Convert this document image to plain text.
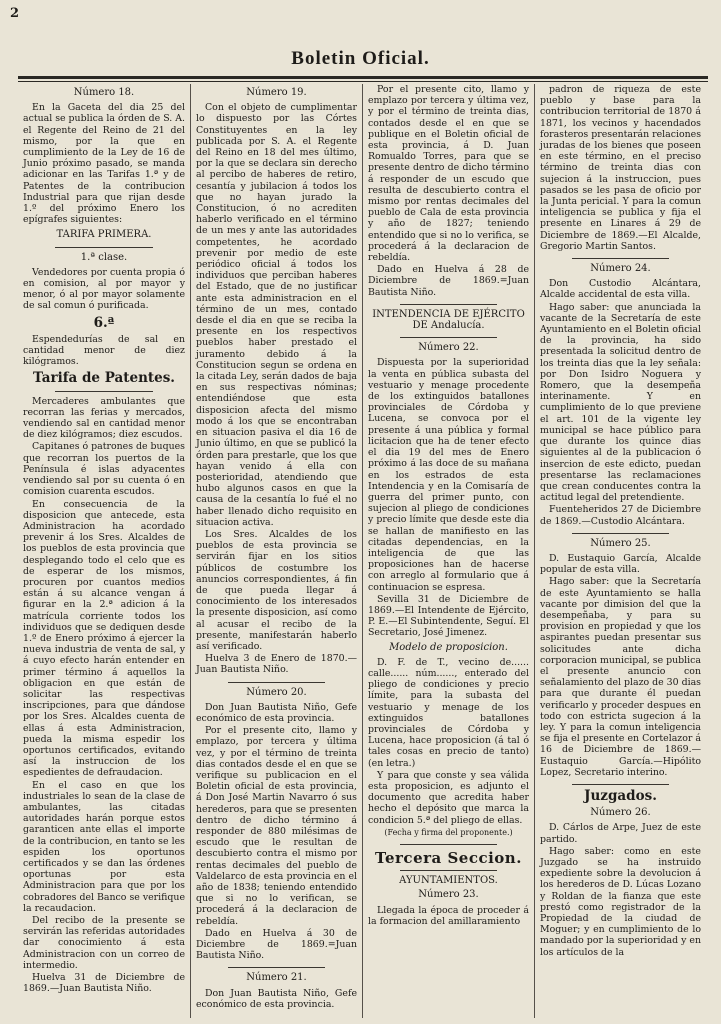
2
Boletin Oficial.
Número 18.

En la Gaceta del dia 25 del actual se publica la órden de S. A. el Regente del Reino de 21 del mismo, por la que en cumplimiento de la Ley de 16 de Junio próximo pasado, se manda adicionar en las Tarifas 1.ª y de Patentes de la contribucion Industrial para que rijan desde 1.º del próximo Enero los epígrafes siguientes:

TARIFA PRIMERA.
1.ª clase.

Vendedores por cuenta propia ó en comision, al por mayor y menor, ó al por mayor solamente de sal comun ó purificada.

6.ª

Espendedurías de sal en cantidad menor de diez kilógramos.

Tarifa de Patentes.

Mercaderes ambulantes que recorran las ferias y mercados, vendiendo sal en cantidad menor de diez kilógramos; diez escudos.

Capitanes ó patrones de buques que recorran los puertos de la Península é islas adyacentes vendiendo sal por su cuenta ó en comision cuarenta escudos.

En consecuencia de la disposicion que antecede, esta Administracion ha acordado prevenir á los Sres. Alcaldes de los pueblos de esta provincia que desplegando todo el celo que es de esperar de los mismos, procuren por cuantos medios están á su alcance vengan á figurar en la 2.ª adicion á la matrícula corriente todos los individuos que se dediquen desde 1.º de Enero próximo á ejercer la nueva industria de venta de sal, y á cuyo efecto harán entender en primer término á aquellos la obligacion en que están de solicitar las respectivas inscripciones, para que dándose por los Sres. Alcaldes cuenta de ellas á esta Administracion, pueda la misma espedir los oportunos certificados, evitando así la instruccion de los espedientes de defraudacion.

En el caso en que los industriales lo sean de la clase de ambulantes, las citadas autoridades harán porque estos garanticen ante ellas el importe de la contribucion, en tanto se les espiden los oportunos certificados y se dan las órdenes oportunas por esta Administracion para que por los cobradores del Banco se verifique la recaudacion.

Del recibo de la presente se servirán las referidas autoridades dar conocimiento á esta Administracion con un correo de intermedio.

Huelva 31 de Diciembre de 1869.—Juan Bautista Niño.

Número 19.

Con el objeto de cumplimentar lo dispuesto por las Córtes Constituyentes en la ley publicada por S. A. el Regente del Reino en 18 del mes último, por la que se declara sin derecho al percibo de haberes de retiro, cesantía y jubilacion á todos los que no hayan jurado la Constitucion, ó no acrediten haberlo verificado en el término de un mes y ante las autoridades competentes, he acordado prevenir por medio de este periódico oficial á todos los individuos que perciban haberes del Estado, que de no justificar ante esta administracion en el término de un mes, contado desde el dia en que se reciba la presente en los respectivos pueblos haber prestado el juramento debido á la Constitucion segun se ordena en la citada Ley, serán dados de baja en sus respectivas nóminas; entendiéndose que esta disposicion afecta del mismo modo á los que se encontraban en situacion pasiva el dia 16 de Junio último, en que se publicó la órden para prestarle, que los que hayan venido á ella con posterioridad, atendiendo que hubo algunos casos en que la causa de la cesantía lo fué el no haber llenado dicho requisito en situacion activa.

Los Sres. Alcaldes de los pueblos de esta provincia se servirán fijar en los sitios públicos de costumbre los anuncios correspondientes, á fin de que pueda llegar á conocimiento de los interesados la presente disposicion, así como al acusar el recibo de la presente, manifestarán haberlo así verificado.

Huelva 3 de Enero de 1870.—Juan Bautista Niño.

Número 20.

Don Juan Bautista Niño, Gefe económico de esta provincia.

Por el presente cito, llamo y emplazo, por tercera y última vez, y por el término de treinta dias contados desde el en que se verifique su publicacion en el Boletin oficial de esta provincia, á Don José Martin Navarro ó sus herederos, para que se presenten dentro de dicho término á responder de 880 milésimas de escudo que le resultan de descubierto contra el mismo por rentas decimales del pueblo de Valdelarco de esta provincia en el año de 1838; teniendo entendido que si no lo verifican, se procederá á la declaracion de rebeldía.

Dado en Huelva á 30 de Diciembre de 1869.=Juan Bautista Niño.

Número 21.

Don Juan Bautista Niño, Gefe económico de esta provincia.

Por el presente cito, llamo y emplazo por tercera y última vez, y por el término de treinta dias, contados desde el en que se publique en el Boletin oficial de esta provincia, á D. Juan Romualdo Torres, para que se presente dentro de dicho término á responder de un escudo que resulta de descubierto contra el mismo por rentas decimales del pueblo de Cala de esta provincia y año de 1827; teniendo entendido que si no lo verifica, se procederá á la declaracion de rebeldía.

Dado en Huelva á 28 de Diciembre de 1869.=Juan Bautista Niño.

INTENDENCIA DE EJÉRCITO DE Andalucía.
Número 22.

Dispuesta por la superioridad la venta en pública subasta del vestuario y menage procedente de los extinguidos batallones provinciales de Córdoba y Lucena, se convoca por el presente á una pública y formal licitacion que ha de tener efecto el dia 19 del mes de Enero próximo á las doce de su mañana en los estrados de esta Intendencia y en la Comisaría de guerra del primer punto, con sujecion al pliego de condiciones y precio límite que desde este dia se hallan de manifiesto en las citadas dependencias, en la inteligencia de que las proposiciones han de hacerse con arreglo al formulario que á continuacion se espresa.

Sevilla 31 de Diciembre de 1869.—El Intendente de Ejército, P. E.—El Subintendente, Seguí. El Secretario, José Jimenez.

Modelo de proposicion.

D. F. de T., vecino de...... calle...... núm......, enterado del pliego de condiciones y precio límite, para la subasta del vestuario y menage de los extinguidos batallones provinciales de Córdoba y Lucena, hace proposicion (á tal ó tales cosas en precio de tanto) (en letra.)

Y para que conste y sea válida esta proposicion, es adjunto el documento que acredita haber hecho el depósito que marca la condicion 5.ª del pliego de ellas.

(Fecha y firma del proponente.)
Tercera Seccion.
AYUNTAMIENTOS.
Número 23.

Llegada la época de proceder á la formacion del amillaramiento

padron de riqueza de este pueblo y base para la contribucion territorial de 1870 á 1871, los vecinos y hacendados forasteros presentarán relaciones juradas de los bienes que poseen en este término, en el preciso término de treinta dias con sujecion á la instruccion, pues pasados se les pasa de oficio por la Junta pericial. Y para la comun inteligencia se publica y fija el presente en Linares á 29 de Diciembre de 1869.—El Alcalde, Gregorio Martin Santos.

Número 24.

Don Custodio Alcántara, Alcalde accidental de esta villa.

Hago saber: que anunciada la vacante de la Secretaría de este Ayuntamiento en el Boletin oficial de la provincia, ha sido presentada la solicitud dentro de los treinta dias que la ley señala: por Don Isidro Noguera y Romero, que la desempeña interinamente. Y en cumplimiento de lo que previene el art. 101 de la vigente ley municipal se hace público para que durante los quince dias siguientes al de la publicacion ó insercion de este edicto, puedan presentarse las reclamaciones que crean conducentes contra la actitud legal del pretendiente.

Fuenteheridos 27 de Diciembre de 1869.—Custodio Alcántara.

Número 25.

D. Eustaquio García, Alcalde popular de esta villa.

Hago saber: que la Secretaría de este Ayuntamiento se halla vacante por dimision del que la desempeñaba, y para su provision en propiedad y que los aspirantes puedan presentar sus solicitudes ante dicha corporacion municipal, se publica el presente anuncio con señalamiento del plazo de 30 dias para que durante él puedan verificarlo y proceder despues en todo con estricta sugecion á la ley. Y para la comun inteligencia se fija el presente en Cortelazor á 16 de Diciembre de 1869.—Eustaquio García.—Hipólito Lopez, Secretario interino.

Juzgados.
Número 26.

D. Cárlos de Arpe, Juez de este partido.

Hago saber: como en este Juzgado se ha instruido expediente sobre la devolucion á los herederos de D. Lúcas Lozano y Roldan de la fianza que este prestó como registrador de la Propiedad de la ciudad de Moguer; y en cumplimiento de lo mandado por la superioridad y en los artículos de la
